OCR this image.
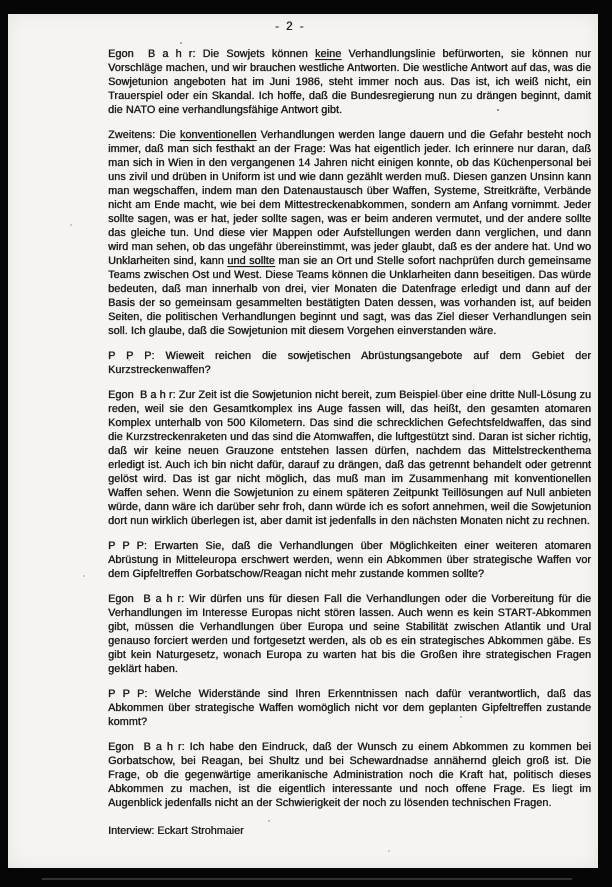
- 2 -

Egon  B a h r: Die Sowjets können keine Verhandlungslinie befürworten, sie können nur Vorschläge machen, und wir brauchen westliche Antworten. Die westliche Antwort auf das, was die Sowjetunion angeboten hat im Juni 1986, steht immer noch aus. Das ist, ich weiß nicht, ein Trauerspiel oder ein Skandal. Ich hoffe, daß die Bundesregierung nun zu drängen beginnt, damit die NATO eine verhandlungsfähige Antwort gibt.

Zweitens: Die konventionellen Verhandlungen werden lange dauern und die Gefahr besteht noch immer, daß man sich festhakt an der Frage: Was hat eigentlich jeder. Ich erinnere nur daran, daß man sich in Wien in den vergangenen 14 Jahren nicht einigen konnte, ob das Küchenpersonal bei uns zivil und drüben in Uniform ist und wie dann gezählt werden muß. Diesen ganzen Unsinn kann man wegschaffen, indem man den Datenaustausch über Waffen, Systeme, Streitkräfte, Verbände nicht am Ende macht, wie bei dem Mittestreckenabkommen, sondern am Anfang vornimmt. Jeder sollte sagen, was er hat, jeder sollte sagen, was er beim anderen vermutet, und der andere sollte das gleiche tun. Und diese vier Mappen oder Aufstellungen werden dann verglichen, und dann wird man sehen, ob das ungefähr übereinstimmt, was jeder glaubt, daß es der andere hat. Und wo Unklarheiten sind, kann und sollte man sie an Ort und Stelle sofort nachprüfen durch gemeinsame Teams zwischen Ost und West. Diese Teams können die Unklarheiten dann beseitigen. Das würde bedeuten, daß man innerhalb von drei, vier Monaten die Datenfrage erledigt und dann auf der Basis der so gemeinsam gesammelten bestätigten Daten dessen, was vorhanden ist, auf beiden Seiten, die politischen Verhandlungen beginnt und sagt, was das Ziel dieser Verhandlungen sein soll. Ich glaube, daß die Sowjetunion mit diesem Vorgehen einverstanden wäre.

P P P: Wieweit reichen die sowjetischen Abrüstungsangebote auf dem Gebiet der Kurzstreckenwaffen?

Egon  B a h r: Zur Zeit ist die Sowjetunion nicht bereit, zum Beispiel über eine dritte Null-Lösung zu reden, weil sie den Gesamtkomplex ins Auge fassen will, das heißt, den gesamten atomaren Komplex unterhalb von 500 Kilometern. Das sind die schrecklichen Gefechtsfeldwaffen, das sind die Kurzstreckenraketen und das sind die Atomwaffen, die luftgestützt sind. Daran ist sicher richtig, daß wir keine neuen Grauzone entstehen lassen dürfen, nachdem das Mittelstreckenthema erledigt ist. Auch ich bin nicht dafür, darauf zu drängen, daß das getrennt behandelt oder getrennt gelöst wird. Das ist gar nicht möglich, das muß man im Zusammenhang mit konventionellen Waffen sehen. Wenn die Sowjetunion zu einem späteren Zeitpunkt Teillösungen auf Null anbieten würde, dann wäre ich darüber sehr froh, dann würde ich es sofort annehmen, weil die Sowjetunion dort nun wirklich überlegen ist, aber damit ist jedenfalls in den nächsten Monaten nicht zu rechnen.

P P P: Erwarten Sie, daß die Verhandlungen über Möglichkeiten einer weiteren atomaren Abrüstung in Mitteleuropa erschwert werden, wenn ein Abkommen über strategische Waffen vor dem Gipfeltreffen Gorbatschow/Reagan nicht mehr zustande kommen sollte?

Egon  B a h r: Wir dürfen uns für diesen Fall die Verhandlungen oder die Vorbereitung für die Verhandlungen im Interesse Europas nicht stören lassen. Auch wenn es kein START-Abkommen gibt, müssen die Verhandlungen über Europa und seine Stabilität zwischen Atlantik und Ural genauso forciert werden und fortgesetzt werden, als ob es ein strategisches Abkommen gäbe. Es gibt kein Naturgesetz, wonach Europa zu warten hat bis die Großen ihre strategischen Fragen geklärt haben.

P P P: Welche Widerstände sind Ihren Erkenntnissen nach dafür verantwortlich, daß das Abkommen über strategische Waffen womöglich nicht vor dem geplanten Gipfeltreffen zustande kommt?

Egon  B a h r: Ich habe den Eindruck, daß der Wunsch zu einem Abkommen zu kommen bei Gorbatschow, bei Reagan, bei Shultz und bei Schewardnadse annähernd gleich groß ist. Die Frage, ob die gegenwärtige amerikanische Administration noch die Kraft hat, politisch dieses Abkommen zu machen, ist die eigentlich interessante und noch offene Frage. Es liegt im Augenblick jedenfalls nicht an der Schwierigkeit der noch zu lösenden technischen Fragen.

Interview: Eckart Strohmaier
